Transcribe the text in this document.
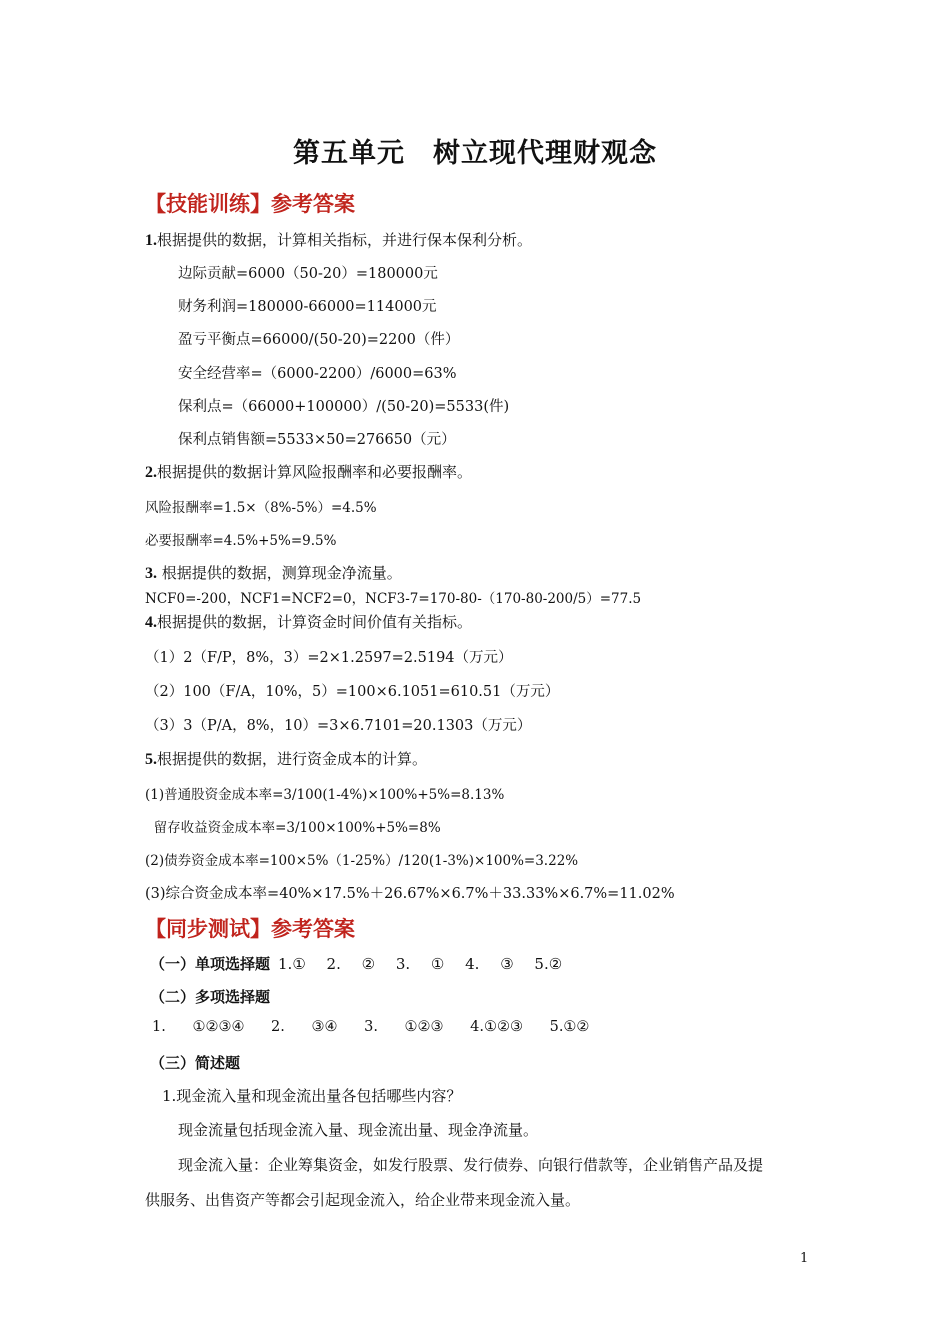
第五单元　树立现代理财观念
【技能训练】参考答案
1.根据提供的数据，计算相关指标，并进行保本保利分析。
边际贡献=6000（50-20）=180000元
财务利润=180000-66000=114000元
盈亏平衡点=66000/(50-20)=2200（件）
安全经营率=（6000-2200）/6000=63%
保利点=（66000+100000）/(50-20)=5533(件)
保利点销售额=5533×50=276650（元）
2.根据提供的数据计算风险报酬率和必要报酬率。
风险报酬率=1.5×（8%-5%）=4.5%
必要报酬率=4.5%+5%=9.5%
3. 根据提供的数据，测算现金净流量。
NCF0=-200，NCF1=NCF2=0，NCF3-7=170-80-（170-80-200/5）=77.5
4.根据提供的数据，计算资金时间价值有关指标。
（1）2（F/P，8%，3）=2×1.2597=2.5194（万元）
（2）100（F/A，10%，5）=100×6.1051=610.51（万元）
（3）3（P/A，8%，10）=3×6.7101=20.1303（万元）
5.根据提供的数据，进行资金成本的计算。
(1)普通股资金成本率=3/100(1-4%)×100%+5%=8.13%
留存收益资金成本率=3/100×100%+5%=8%
(2)债券资金成本率=100×5%（1-25%）/120(1-3%)×100%=3.22%
(3)综合资金成本率=40%×17.5%＋26.67%×6.7%＋33.33%×6.7%=11.02%
【同步测试】参考答案
（一）单项选择题 1.① 2. ② 3. ① 4. ③ 5.②
（二）多项选择题
1. ①②③④ 2. ③④ 3. ①②③ 4.①②③ 5.①②
（三）简述题
1.现金流入量和现金流出量各包括哪些内容？
现金流量包括现金流入量、现金流出量、现金净流量。
现金流入量：企业筹集资金，如发行股票、发行债券、向银行借款等，企业销售产品及提
供服务、出售资产等都会引起现金流入，给企业带来现金流入量。
1
